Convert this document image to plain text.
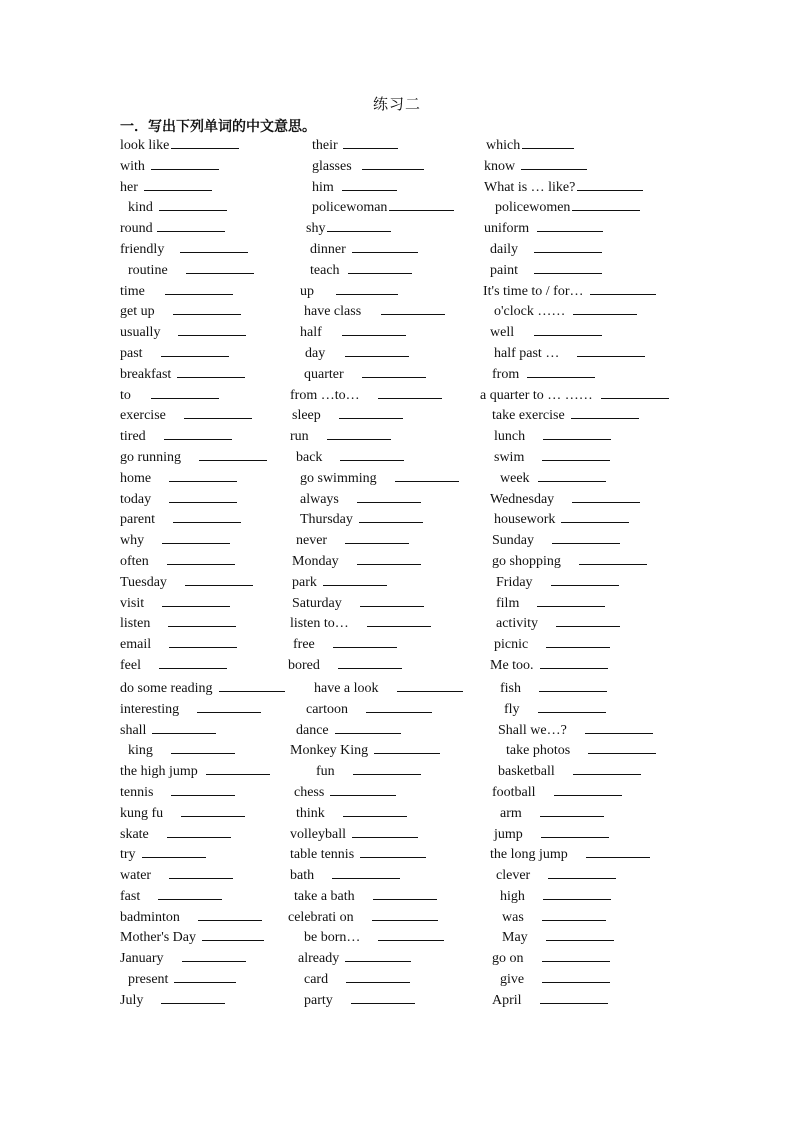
练习二
一．写出下列单词的中文意思。
look like	their	which
with	glasses	know
her	him	What is … like?
kind	policewoman	policewomen
round	shy	uniform
friendly	dinner	daily
routine	teach	paint
time	up	It's time to / for…
get up	have class	o'clock ……
usually	half	well
past	day	half past …
breakfast	quarter	from
to	from …to…	a quarter to … ……
exercise	sleep	take exercise
tired	run	lunch
go running	back	swim
home	go swimming	week
today	always	Wednesday
parent	Thursday	housework
why	never	Sunday
often	Monday	go shopping
Tuesday	park	Friday
visit	Saturday	film
listen	listen to…	activity
email	free	picnic
feel	bored	Me too.
do some reading	have a look	fish
interesting	cartoon	fly
shall	dance	Shall we…?
king	Monkey King	take photos
the high jump	fun	basketball
tennis	chess	football
kung fu	think	arm
skate	volleyball	jump
try	table tennis	the long jump
water	bath	clever
fast	take a bath	high
badminton	celebrati on	was
Mother's Day	be born…	May
January	already	go on
present	card	give
July	party	April
